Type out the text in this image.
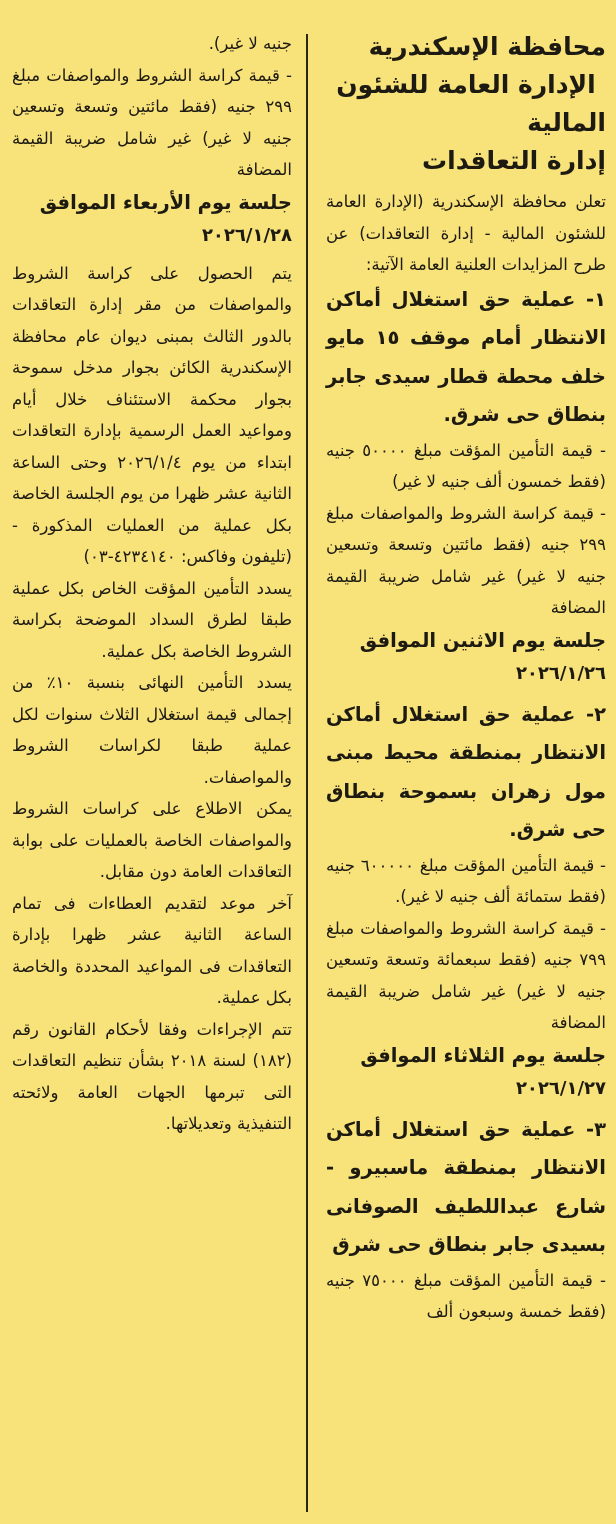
محافظة الإسكندرية

الإدارة العامة للشئون المالية

إدارة التعاقدات

تعلن محافظة الإسكندرية (الإدارة العامة للشئون المالية - إدارة التعاقدات) عن طرح المزايدات العلنية العامة الآتية:

١- عملية حق استغلال أماكن الانتظار أمام موقف ١٥ مايو خلف محطة قطار سيدى جابر بنطاق حى شرق.

- قيمة التأمين المؤقت مبلغ ٥٠٠٠٠ جنيه (فقط خمسون ألف جنيه لا غير)

- قيمة كراسة الشروط والمواصفات مبلغ ٢٩٩ جنيه (فقط مائتين وتسعة وتسعين جنيه لا غير) غير شامل ضريبة القيمة المضافة

جلسة يوم الاثنين الموافق

٢٠٢٦/١/٢٦

٢- عملية حق استغلال أماكن الانتظار بمنطقة محيط مبنى مول زهران بسموحة بنطاق حى شرق.

- قيمة التأمين المؤقت مبلغ ٦٠٠٠٠٠ جنيه (فقط ستمائة ألف جنيه لا غير).

- قيمة كراسة الشروط والمواصفات مبلغ ٧٩٩ جنيه (فقط سبعمائة وتسعة وتسعين جنيه لا غير) غير شامل ضريبة القيمة المضافة

جلسة يوم الثلاثاء الموافق

٢٠٢٦/١/٢٧

٣- عملية حق استغلال أماكن الانتظار بمنطقة ماسبيرو - شارع عبداللطيف الصوفانى بسيدى جابر بنطاق حى شرق

- قيمة التأمين المؤقت مبلغ ٧٥٠٠٠ جنيه (فقط خمسة وسبعون ألف

جنيه لا غير).

- قيمة كراسة الشروط والمواصفات مبلغ ٢٩٩ جنيه (فقط مائتين وتسعة وتسعين جنيه لا غير) غير شامل ضريبة القيمة المضافة

جلسة يوم الأربعاء الموافق

٢٠٢٦/١/٢٨

يتم الحصول على كراسة الشروط والمواصفات من مقر إدارة التعاقدات بالدور الثالث بمبنى ديوان عام محافظة الإسكندرية الكائن بجوار مدخل سموحة بجوار محكمة الاستئناف خلال أيام ومواعيد العمل الرسمية بإدارة التعاقدات ابتداء من يوم ٢٠٢٦/١/٤ وحتى الساعة الثانية عشر ظهرا من يوم الجلسة الخاصة بكل عملية من العمليات المذكورة - (تليفون وفاكس: ٤٢٣٤١٤٠-٠٣)

يسدد التأمين المؤقت الخاص بكل عملية طبقا لطرق السداد الموضحة بكراسة الشروط الخاصة بكل عملية.

يسدد التأمين النهائى بنسبة ١٠٪ من إجمالى قيمة استغلال الثلاث سنوات لكل عملية طبقا لكراسات الشروط والمواصفات.

يمكن الاطلاع على كراسات الشروط والمواصفات الخاصة بالعمليات على بوابة التعاقدات العامة دون مقابل.

آخر موعد لتقديم العطاءات فى تمام الساعة الثانية عشر ظهرا بإدارة التعاقدات فى المواعيد المحددة والخاصة بكل عملية.

تتم الإجراءات وفقا لأحكام القانون رقم (١٨٢) لسنة ٢٠١٨ بشأن تنظيم التعاقدات التى تبرمها الجهات العامة ولائحته التنفيذية وتعديلاتها.
